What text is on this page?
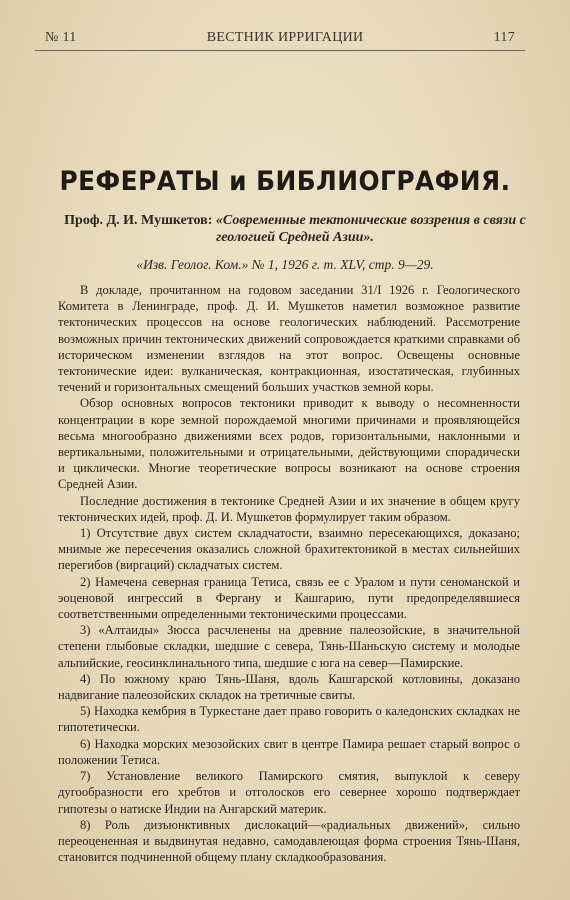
№ 11	ВЕСТНИК ИРРИГАЦИИ	117
РЕФЕРАТЫ и БИБЛИОГРАФИЯ.
Проф. Д. И. Мушкетов: «Современные тектонические воззрения в связи с геологией Средней Азии».
«Изв. Геолог. Ком.» № 1, 1926 г. т. XLV, стр. 9—29.

В докладе, прочитанном на годовом заседании 31/I 1926 г. Геологического Комитета в Ленинграде, проф. Д. И. Мушкетов наметил возможное развитие тектонических процессов на основе геологических наблюдений. Рассмотрение возможных причин тектонических движений сопровождается краткими справками об историческом изменении взглядов на этот вопрос. Освещены основные тектонические идеи: вулканическая, контракционная, изостатическая, глубинных течений и горизонтальных смещений больших участков земной коры.

Обзор основных вопросов тектоники приводит к выводу о несомненности концентрации в коре земной порождаемой многими причинами и проявляющейся весьма многообразно движениями всех родов, горизонтальными, наклонными и вертикальными, положительными и отрицательными, действующими спорадически и циклически. Многие теоретические вопросы возникают на основе строения Средней Азии.

Последние достижения в тектонике Средней Азии и их значение в общем кругу тектонических идей, проф. Д. И. Мушкетов формулирует таким образом.

1) Отсутствие двух систем складчатости, взаимно пересекающихся, доказано; мнимые же пересечения оказались сложной брахитектоникой в местах сильнейших перегибов (виргаций) складчатых систем.

2) Намечена северная граница Тетиса, связь ее с Уралом и пути сеноманской и эоценовой ингрессий в Фергану и Кашгарию, пути предопределявшиеся соответственными определенными тектоническими процессами.

3) «Алтаиды» Зюсса расчленены на древние палеозойские, в значительной степени глыбовые складки, шедшие с севера, Тянь-Шаньскую систему и молодые альпийские, геосинклинального типа, шедшие с юга на север—Памирские.

4) По южному краю Тянь-Шаня, вдоль Кашгарской котловины, доказано надвигание палеозойских складок на третичные свиты.

5) Находка кембрия в Туркестане дает право говорить о каледонских складках не гипотетически.

6) Находка морских мезозойских свит в центре Памира решает старый вопрос о положении Тетиса.

7) Установление великого Памирского смятия, выпуклой к северу дугообразности его хребтов и отголосков его севернее хорошо подтверждает гипотезы о натиске Индии на Ангарский материк.

8) Роль дизъюнктивных дислокаций—«радиальных движений», сильно переоцененная и выдвинутая недавно, самодавлеющая форма строения Тянь-Шаня, становится подчиненной общему плану складкообразования.
